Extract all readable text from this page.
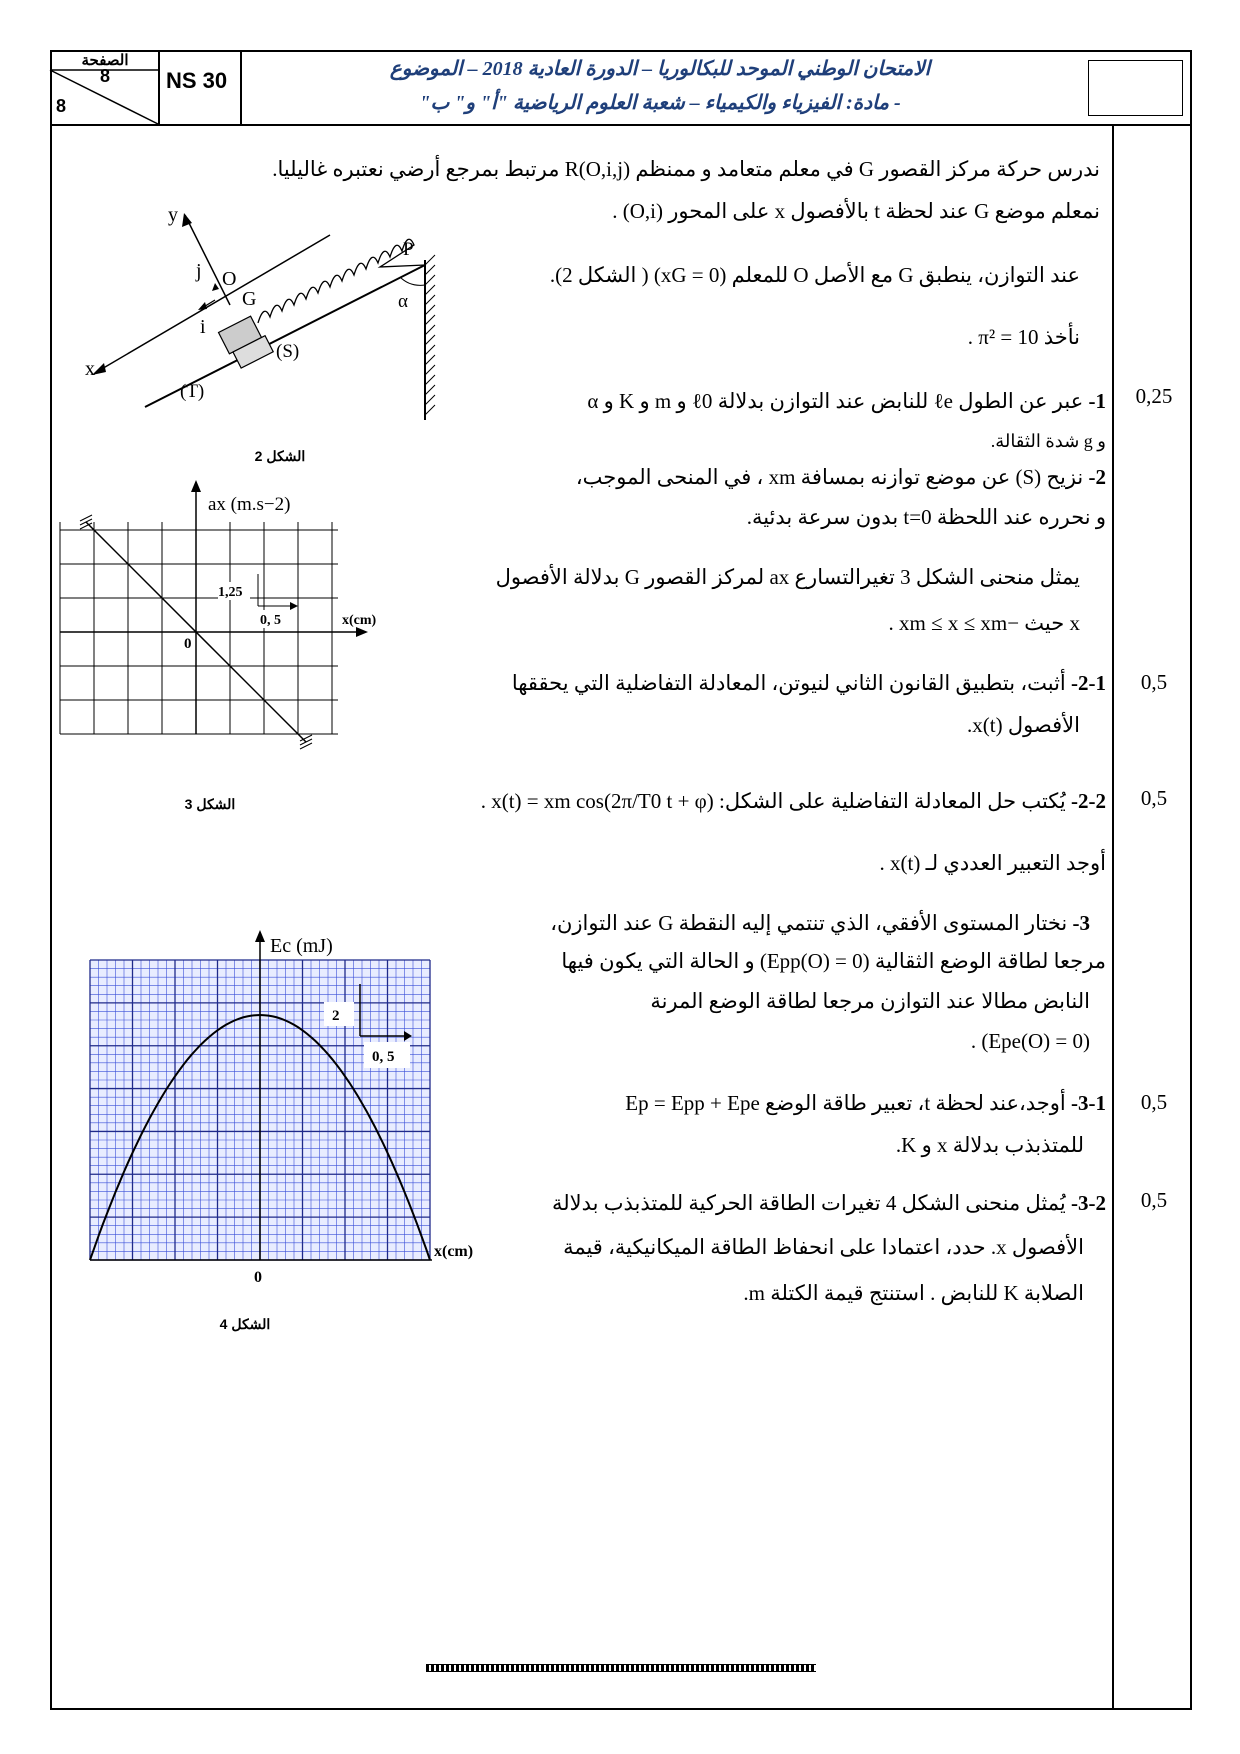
الصفحة
8
8
NS 30	الامتحان الوطني الموحد للبكالوريا – الدورة العادية 2018 – الموضوع
- مادة: الفيزياء والكيمياء – شعبة العلوم الرياضية "أ" و" ب"
ندرس حركة مركز القصور G في معلم متعامد و ممنظم R(O,i,j) مرتبط بمرجع أرضي نعتبره غاليليا.
نمعلم موضع G عند لحظة t بالأفصول x على المحور (O,i) .
عند التوازن، ينطبق G مع الأصل O للمعلم (xG = 0) ( الشكل 2).
نأخذ π² = 10 .
0,25
1- عبر عن الطول ℓe للنابض عند التوازن بدلالة ℓ0 و m و K و α
و g شدة الثقالة.
2- نزيح (S) عن موضع توازنه بمسافة xm ، في المنحى الموجب،
و نحرره عند اللحظة t=0 بدون سرعة بدئية.
يمثل منحنى الشكل 3 تغيرالتسارع ax لمركز القصور G بدلالة الأفصول
x حيث −xm ≤ x ≤ xm .
0,5
2-1- أثبت، بتطبيق القانون الثاني لنيوتن، المعادلة التفاضلية التي يحققها
الأفصول x(t).
0,5
2-2- يُكتب حل المعادلة التفاضلية على الشكل: x(t) = xm cos(2π/T0 t + φ) .
أوجد التعبير العددي لـ x(t) .
3- نختار المستوى الأفقي، الذي تنتمي إليه النقطة G عند التوازن،
مرجعا لطاقة الوضع الثقالية (Epp(O) = 0) و الحالة التي يكون فيها
النابض مطالا عند التوازن مرجعا لطاقة الوضع المرنة
(Epe(O) = 0) .
0,5
3-1- أوجد،عند لحظة t، تعبير طاقة الوضع Ep = Epp + Epe
للمتذبذب بدلالة x و K.
0,5
3-2- يُمثل منحنى الشكل 4 تغيرات الطاقة الحركية للمتذبذب بدلالة
الأفصول x. حدد، اعتمادا على انحفاظ الطاقة الميكانيكية، قيمة
الصلابة K للنابض . استنتج قيمة الكتلة m.
y
j O
G
i
x
(S)
(T)
P
α
الشكل 2
ax (m.s−2)
x(cm)
0
1,25
0, 5
الشكل 3
Ec (mJ)
x(cm)
0
2
0, 5
الشكل 4
